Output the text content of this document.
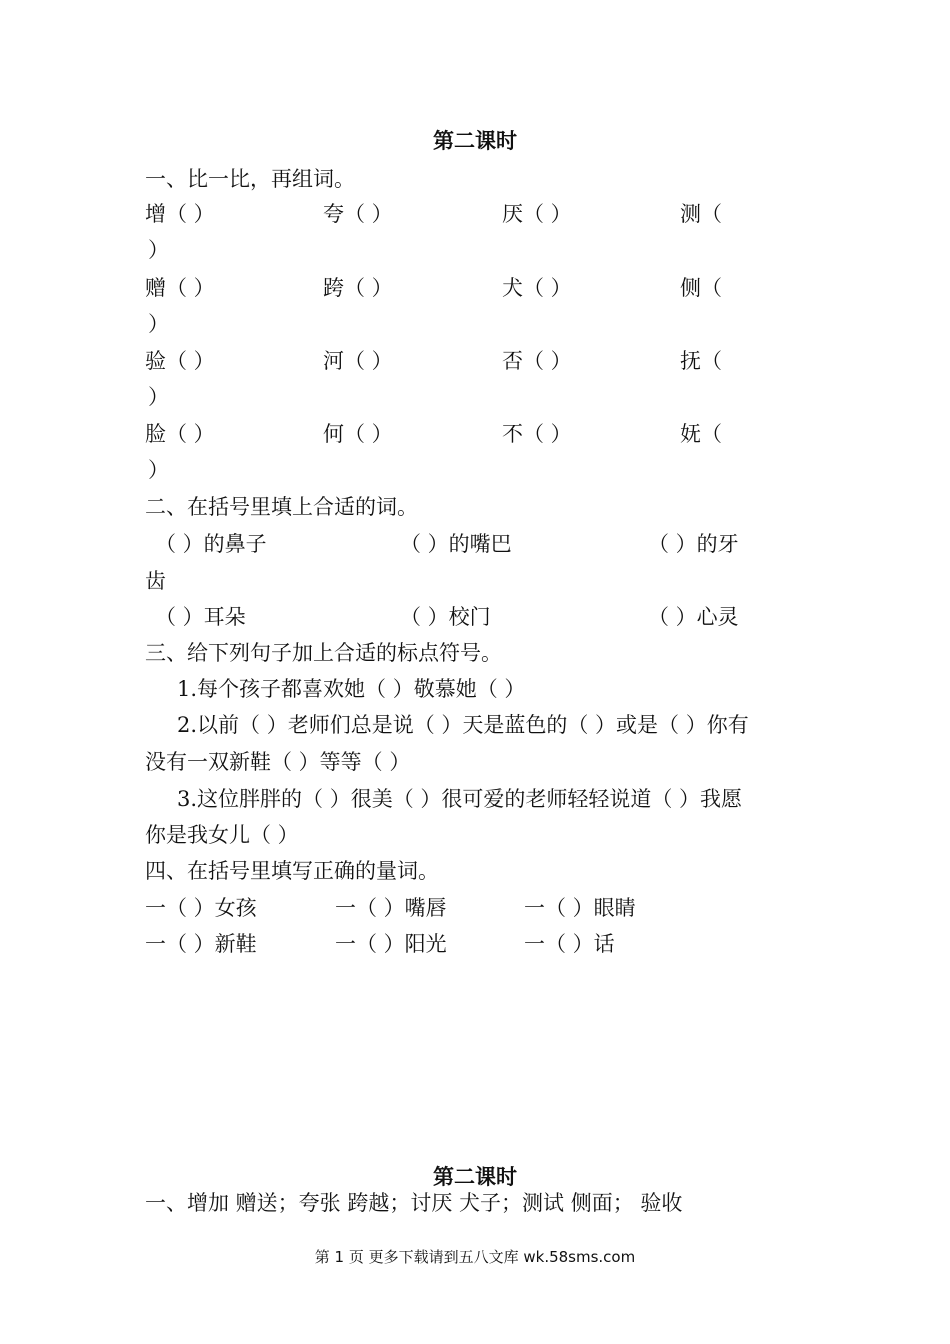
第二课时
一、比一比，再组词。
增（ ）	夸（ ）	厌（ ）	测（
）
赠（ ）	跨（ ）	犬（ ）	侧（
）
验（ ）	河（ ）	否（ ）	抚（
）
脸（ ）	何（ ）	不（ ）	妩（
）
二、在括号里填上合适的词。
（ ）的鼻子	（ ）的嘴巴	（ ）的牙
齿
（ ）耳朵	（ ）校门	（ ）心灵
三、给下列句子加上合适的标点符号。
1.每个孩子都喜欢她（ ）敬慕她（ ）
2.以前（ ）老师们总是说（ ）天是蓝色的（ ）或是（ ）你有
没有一双新鞋（ ）等等（ ）
3.这位胖胖的（ ）很美（ ）很可爱的老师轻轻说道（ ）我愿
你是我女儿（ ）
四、在括号里填写正确的量词。
一（ ）女孩	一（ ）嘴唇	一（ ）眼睛
一（ ）新鞋	一（ ）阳光	一（ ）话
第二课时
一、增加 赠送；夸张 跨越；讨厌 犬子；测试 侧面； 验收
第 1 页 更多下载请到五八文库 wk.58sms.com
